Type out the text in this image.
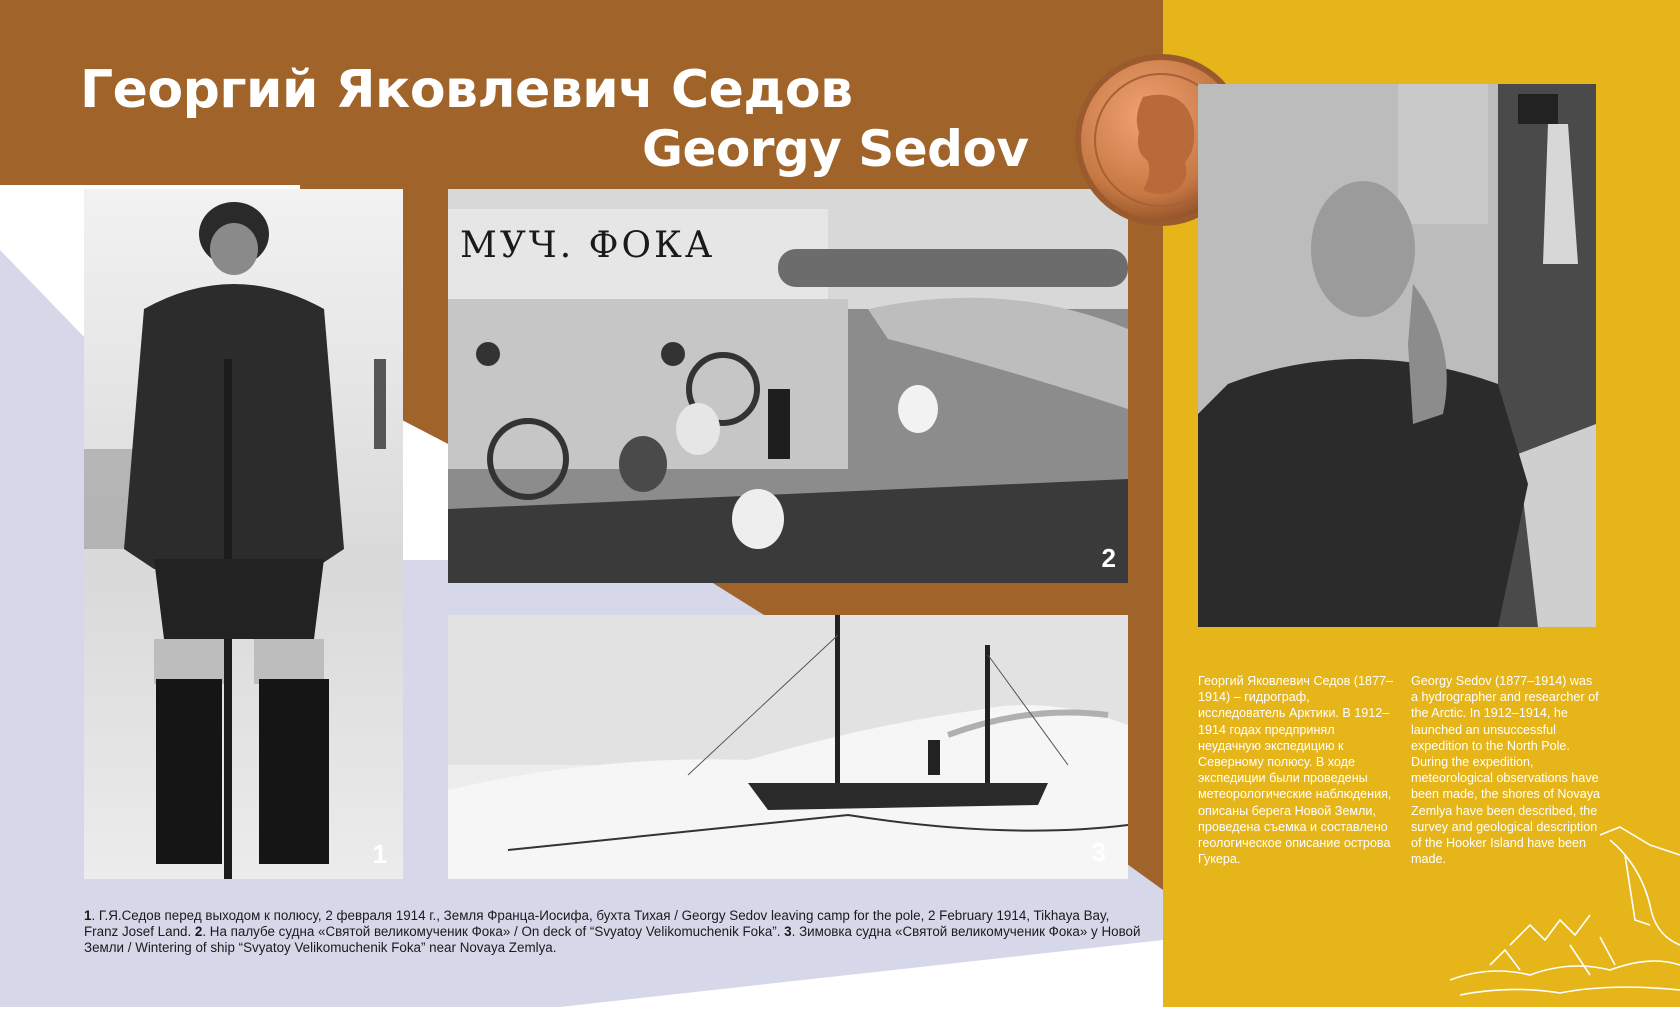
Георгий Яковлевич Седов
Georgy Sedov
1
МУЧ. ФОКА
2
3

1. Г.Я.Седов перед выходом к полюсу, 2 февраля 1914 г., Земля Франца-Иосифа, бухта Тихая / Georgy Sedov leaving camp for the pole, 2 February 1914, Tikhaya Bay, Franz Josef Land. 2. На палубе судна «Святой великомученик Фока» / On deck of “Svyatoy Velikomuchenik Foka”. 3. Зимовка судна «Святой великомученик Фока» у Новой Земли / Wintering of ship “Svyatoy Velikomuchenik Foka” near Novaya Zemlya.

Георгий Яковлевич Седов (1877–1914) – гидрограф, исследователь Арктики. В 1912–1914 годах предпринял неудачную экспедицию к Северному полюсу. В ходе экспедиции были проведены метеорологические наблюдения, описаны берега Новой Земли, проведена съемка и составлено геологическое описание острова Гукера.

Georgy Sedov (1877–1914) was a hydrographer and researcher of the Arctic. In 1912–1914, he launched an unsuccessful expedition to the North Pole. During the expedition, meteorological observations have been made, the shores of Novaya Zemlya have been described, the survey and geological description of the Hooker Island have been made.
